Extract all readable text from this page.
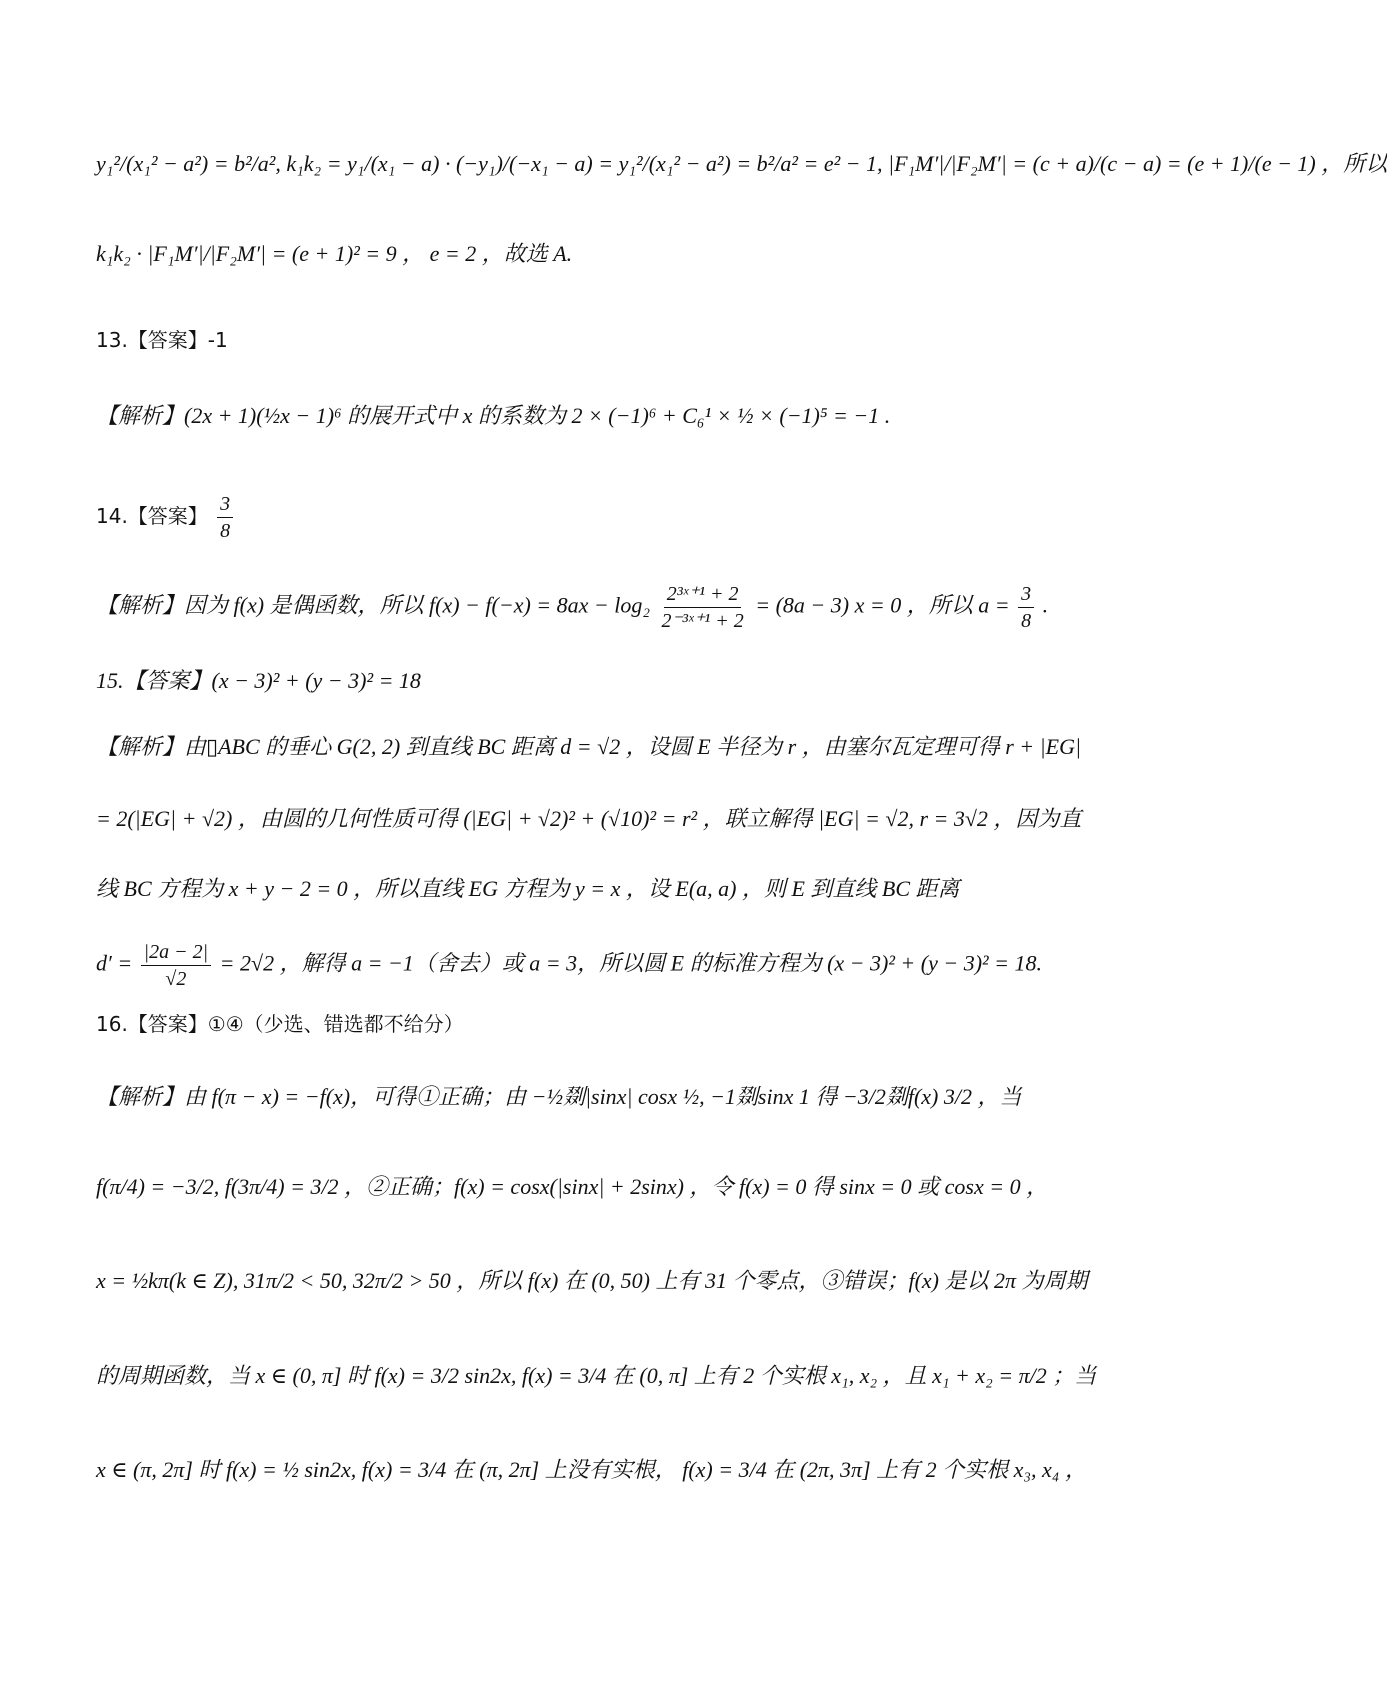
y₁²/(x₁² − a²) = b²/a², k₁k₂ = y₁/(x₁ − a) · (−y₁)/(−x₁ − a) = y₁²/(x₁² − a²) = b²/a² = e² − 1, |F₁M′|/|F₂M′| = (c + a)/(c − a) = (e + 1)/(e − 1) ，所以
k₁k₂ · |F₁M′|/|F₂M′| = (e + 1)² = 9 ， e = 2 ，故选 A.
13.【答案】-1
【解析】(2x + 1)(½x − 1)⁶ 的展开式中 x 的系数为 2 × (−1)⁶ + C₆¹ × ½ × (−1)⁵ = −1 .
14.【答案】 $\frac{3}{8}$
【解析】因为 f(x) 是偶函数，所以 $f(x) - f(-x) = 8ax - \log_2 \frac{\text{2³ˣ⁺¹ + 2}}{\text{2⁻³ˣ⁺¹ + 2}} = (8a - 3) x = 0$ ，所以 $a = \frac{3}{8}$ .
15.【答案】(x − 3)² + (y − 3)² = 18
【解析】由▯ABC 的垂心 G(2, 2) 到直线 BC 距离 d = √2 ，设圆 E 半径为 r ，由塞尔瓦定理可得 r + |EG|
= 2(|EG| + √2) ，由圆的几何性质可得 (|EG| + √2)² + (√10)² = r² ，联立解得 |EG| = √2, r = 3√2 ，因为直
线 BC 方程为 x + y − 2 = 0 ，所以直线 EG 方程为 y = x ，设 E(a, a) ，则 E 到直线 BC 距离
$d' = \frac{|2a - 2|}{√2} = 2√2$ ，解得 a = −1（舍去）或 a = 3，所以圆 E 的标准方程为 (x − 3)² + (y − 3)² = 18.
16.【答案】①④（少选、错选都不给分）
【解析】由 f(π − x) = −f(x)，可得①正确；由 −½剟|sinx| cosx ½, −1剟sinx 1 得 −3/2剟f(x) 3/2 ，当
f(π/4) = −3/2, f(3π/4) = 3/2 ，②正确；f(x) = cosx(|sinx| + 2sinx) ，令 f(x) = 0 得 sinx = 0 或 cosx = 0 ，
x = ½kπ(k ∈ Z), 31π/2 < 50, 32π/2 > 50 ，所以 f(x) 在 (0, 50) 上有 31 个零点，③错误；f(x) 是以 2π 为周期
的周期函数，当 x ∈ (0, π] 时 f(x) = 3/2 sin2x, f(x) = 3/4 在 (0, π] 上有 2 个实根 x₁, x₂ ，且 x₁ + x₂ = π/2 ；当
x ∈ (π, 2π] 时 f(x) = ½ sin2x, f(x) = 3/4 在 (π, 2π] 上没有实根， f(x) = 3/4 在 (2π, 3π] 上有 2 个实根 x₃, x₄ ，
